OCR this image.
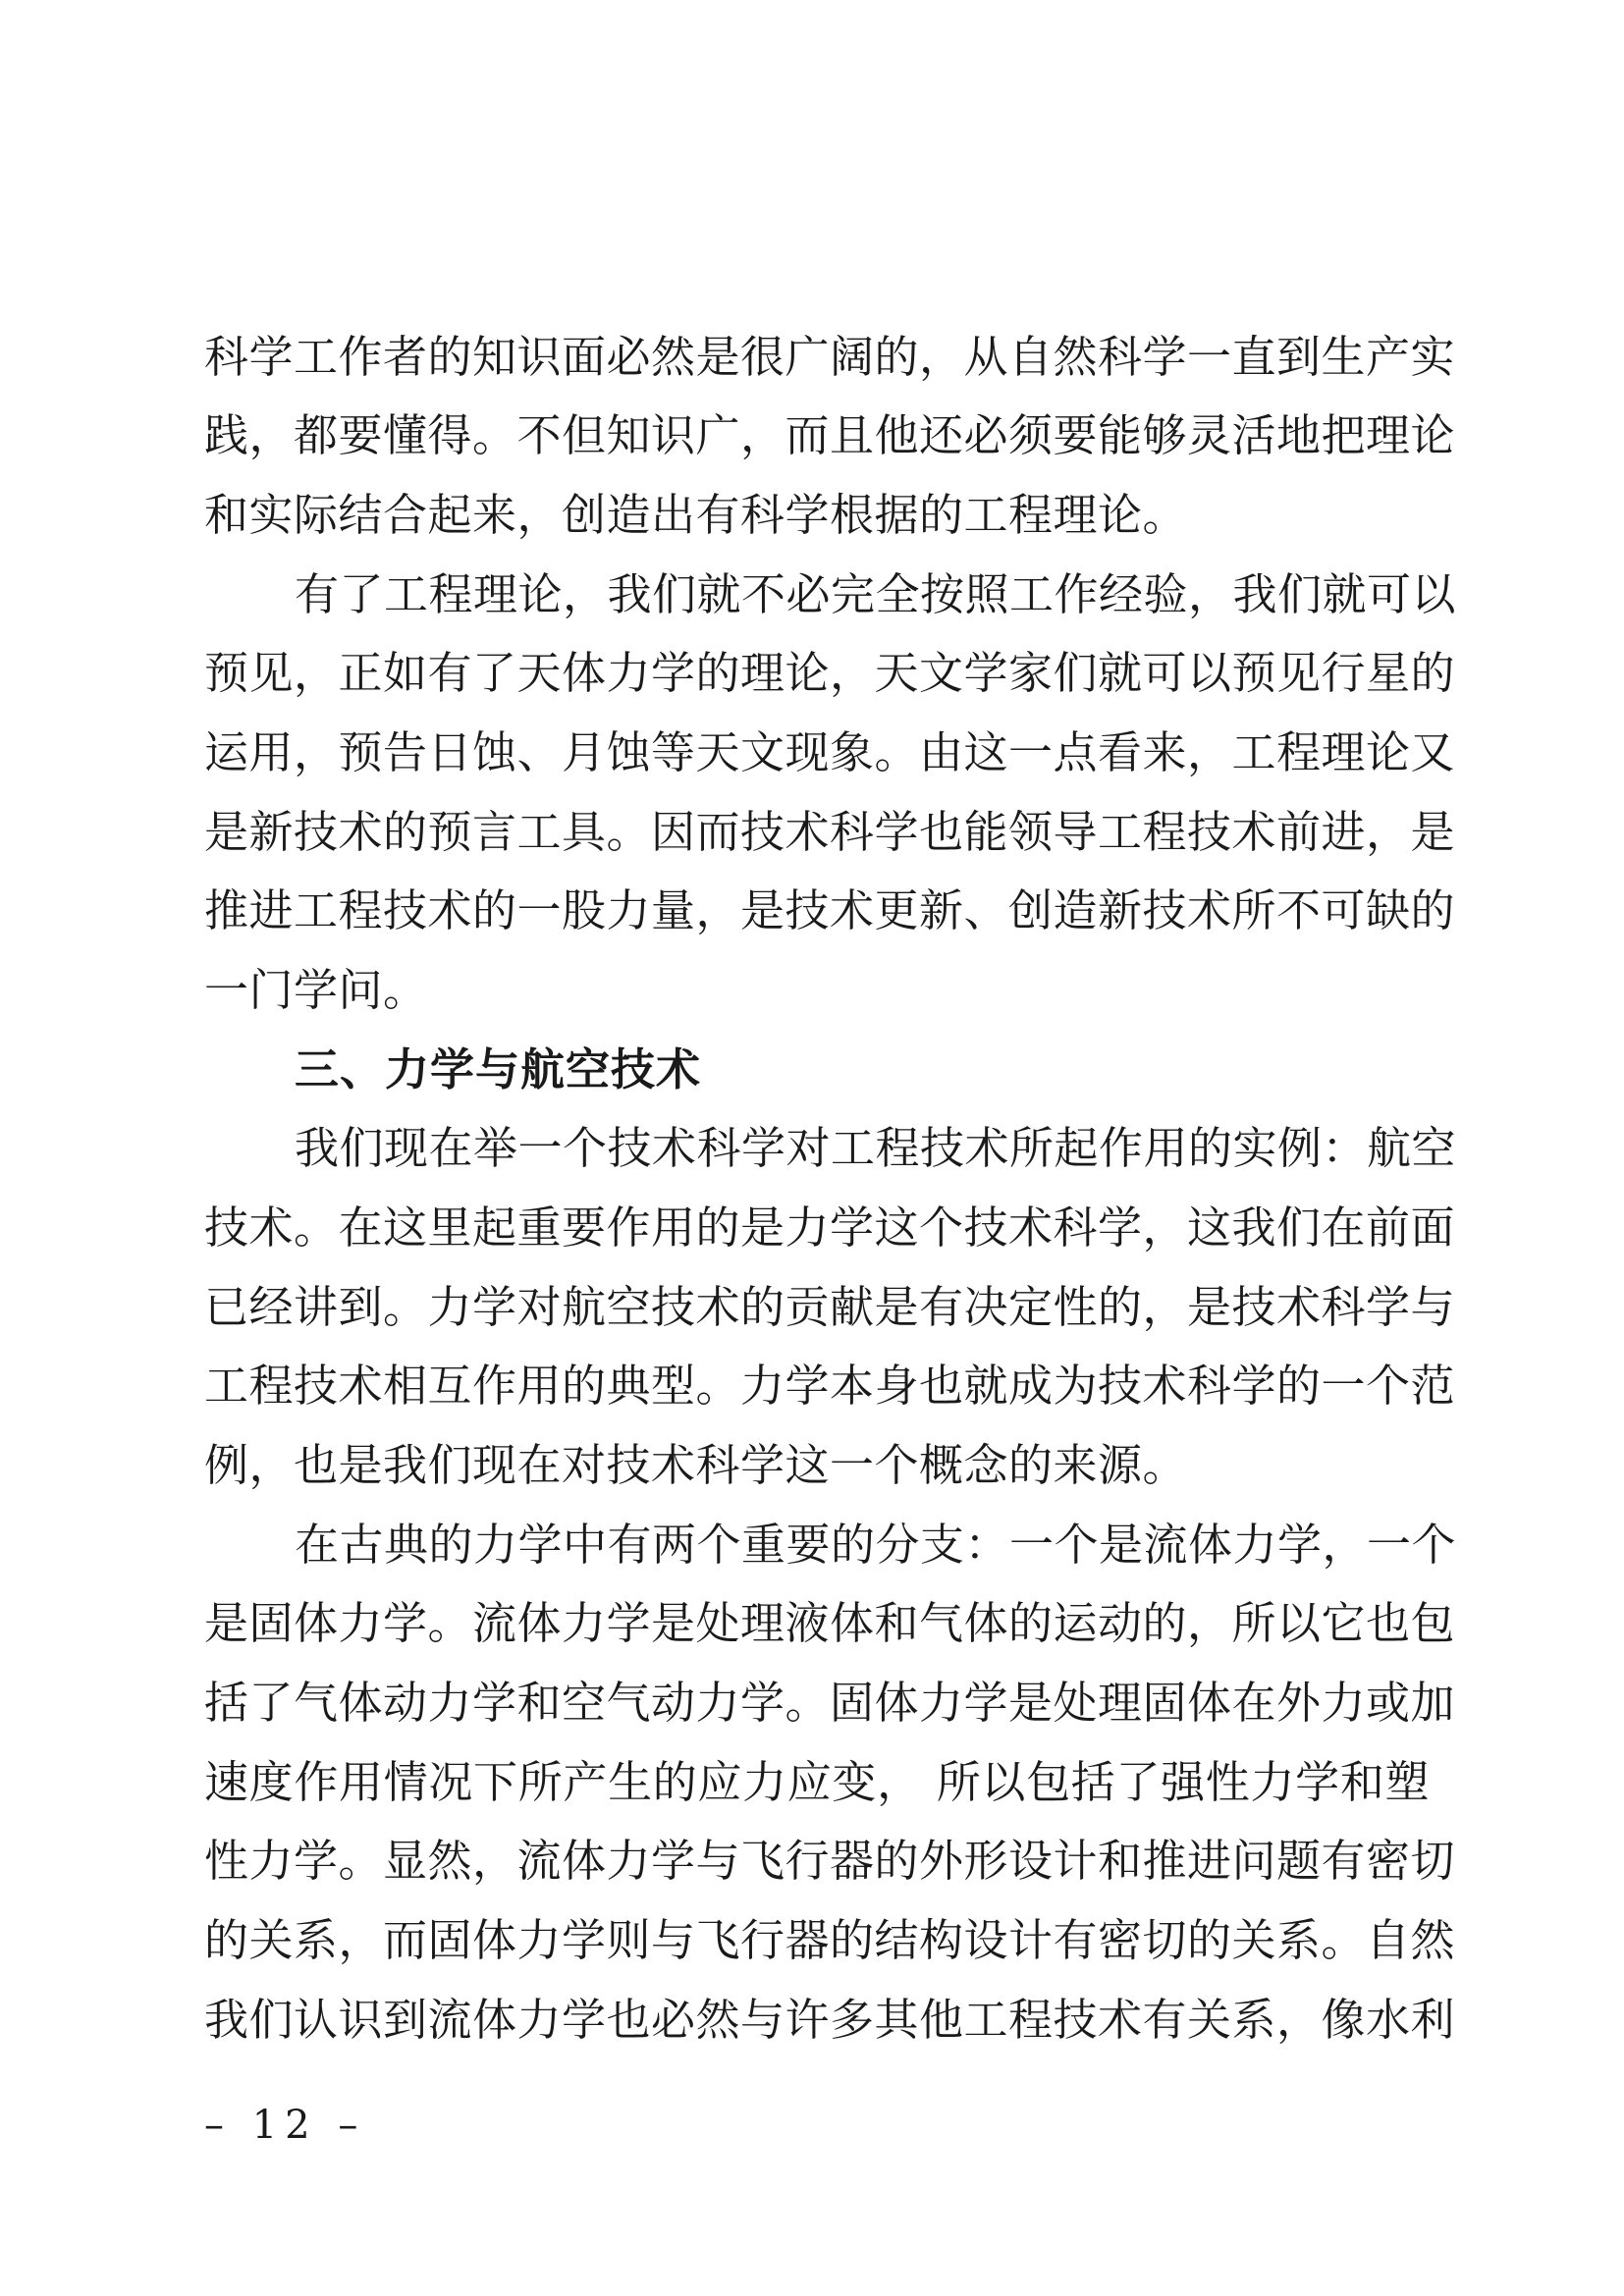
科学工作者的知识面必然是很广阔的，从自然科学一直到生产实
践，都要懂得。不但知识广，而且他还必须要能够灵活地把理论
和实际结合起来，创造出有科学根据的工程理论。
有了工程理论，我们就不必完全按照工作经验，我们就可以
预见，正如有了天体力学的理论，天文学家们就可以预见行星的
运用，预告日蚀、月蚀等天文现象。由这一点看来，工程理论又
是新技术的预言工具。因而技术科学也能领导工程技术前进，是
推进工程技术的一股力量，是技术更新、创造新技术所不可缺的
一门学问。
三、力学与航空技术
我们现在举一个技术科学对工程技术所起作用的实例：航空
技术。在这里起重要作用的是力学这个技术科学，这我们在前面
已经讲到。力学对航空技术的贡献是有决定性的，是技术科学与
工程技术相互作用的典型。力学本身也就成为技术科学的一个范
例，也是我们现在对技术科学这一个概念的来源。
在古典的力学中有两个重要的分支：一个是流体力学，一个
是固体力学。流体力学是处理液体和气体的运动的，所以它也包
括了气体动力学和空气动力学。固体力学是处理固体在外力或加
速度作用情况下所产生的应力应变， 所以包括了强性力学和塑
性力学。显然，流体力学与飞行器的外形设计和推进问题有密切
的关系，而固体力学则与飞行器的结构设计有密切的关系。自然
我们认识到流体力学也必然与许多其他工程技术有关系，像水利
– 12 –
